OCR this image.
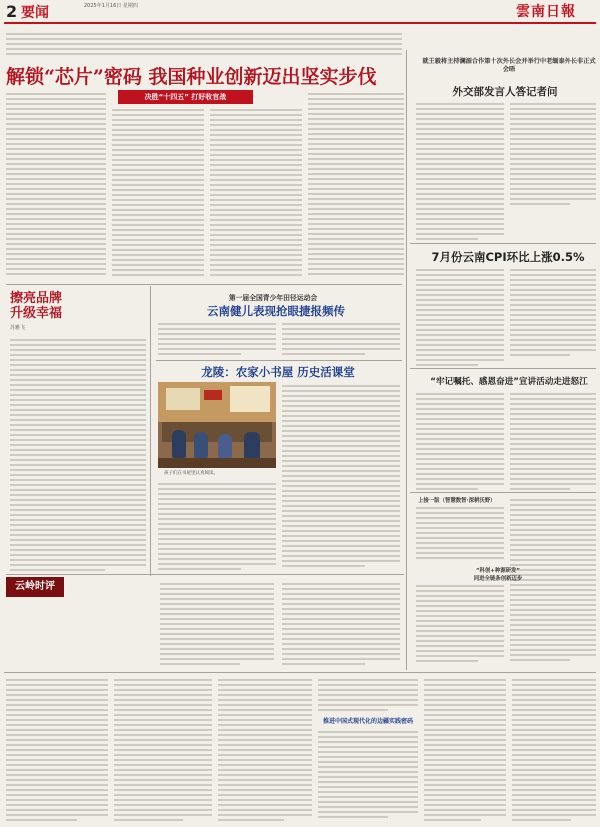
2 要闻	2025年1月16日 星期四	雲南日報
解锁“芯片”密码 我国种业创新迈出坚实步伐
决胜“十四五” 打好收官战
就王毅将主持澜湄合作第十次外长会并举行中老缅泰外长非正式会晤
外交部发言人答记者问
7月份云南CPI环比上涨0.5%
“牢记嘱托、感恩奋进”宣讲活动走进怒江
上接一版（智慧数智·深耕沃野）
“科创+种源研发”
同进全链条创新迈步
擦亮品牌
升级幸福
苏雅飞
第一届全国青少年田径运动会
云南健儿表现抢眼捷报频传
龙陵：农家小书屋 历史活课堂
孩子们在书屋里认真阅读。
云岭时评
推进中国式现代化的边疆实践密码
